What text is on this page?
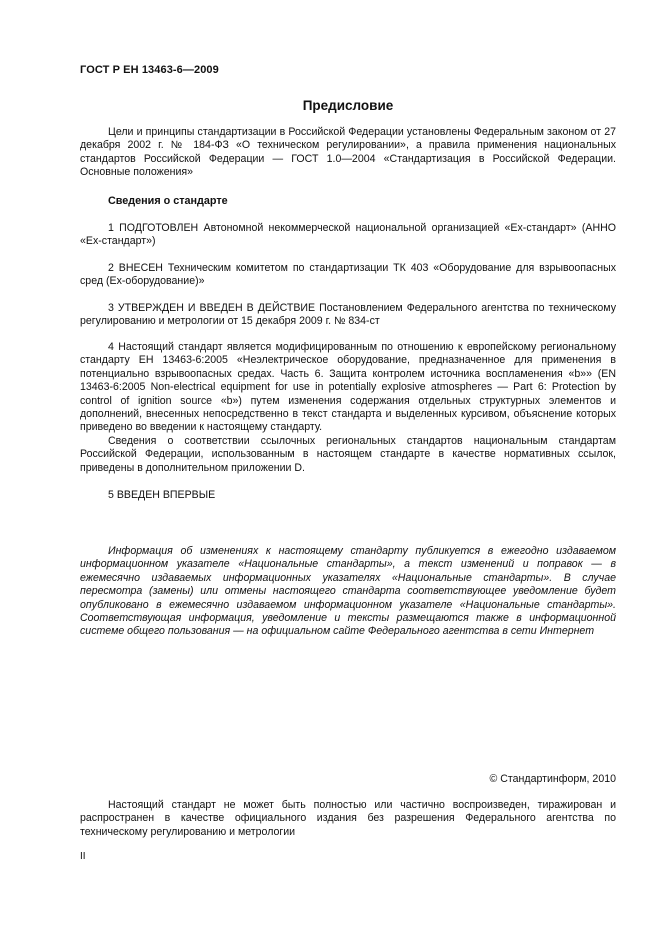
ГОСТ Р ЕН 13463-6—2009
Предисловие

Цели и принципы стандартизации в Российской Федерации установлены Федеральным законом от 27 декабря 2002 г. № 184-ФЗ «О техническом регулировании», а правила применения национальных стандартов Российской Федерации — ГОСТ 1.0—2004 «Стандартизация в Российской Федерации. Основные положения»

Сведения о стандарте

1 ПОДГОТОВЛЕН Автономной некоммерческой национальной организацией «Ех-стандарт» (АННО «Ех-стандарт»)

2 ВНЕСЕН Техническим комитетом по стандартизации ТК 403 «Оборудование для взрывоопасных сред (Ех-оборудование)»

3 УТВЕРЖДЕН И ВВЕДЕН В ДЕЙСТВИЕ Постановлением Федерального агентства по техническому регулированию и метрологии от 15 декабря 2009 г. № 834-ст

4 Настоящий стандарт является модифицированным по отношению к европейскому региональному стандарту ЕН 13463-6:2005 «Неэлектрическое оборудование, предназначенное для применения в потенциально взрывоопасных средах. Часть 6. Защита контролем источника воспламенения «b»» (EN 13463-6:2005 Non-electrical equipment for use in potentially explosive atmospheres — Part 6: Protection by control of ignition source «b») путем изменения содержания отдельных структурных элементов и дополнений, внесенных непосредственно в текст стандарта и выделенных курсивом, объяснение которых приведено во введении к настоящему стандарту.

Сведения о соответствии ссылочных региональных стандартов национальным стандартам Российской Федерации, использованным в настоящем стандарте в качестве нормативных ссылок, приведены в дополнительном приложении D.

5 ВВЕДЕН ВПЕРВЫЕ

Информация об изменениях к настоящему стандарту публикуется в ежегодно издаваемом информационном указателе «Национальные стандарты», а текст изменений и поправок — в ежемесячно издаваемых информационных указателях «Национальные стандарты». В случае пересмотра (замены) или отмены настоящего стандарта соответствующее уведомление будет опубликовано в ежемесячно издаваемом информационном указателе «Национальные стандарты». Соответствующая информация, уведомление и тексты размещаются также в информационной системе общего пользования — на официальном сайте Федерального агентства в сети Интернет

© Стандартинформ, 2010

Настоящий стандарт не может быть полностью или частично воспроизведен, тиражирован и распространен в качестве официального издания без разрешения Федерального агентства по техническому регулированию и метрологии

II
